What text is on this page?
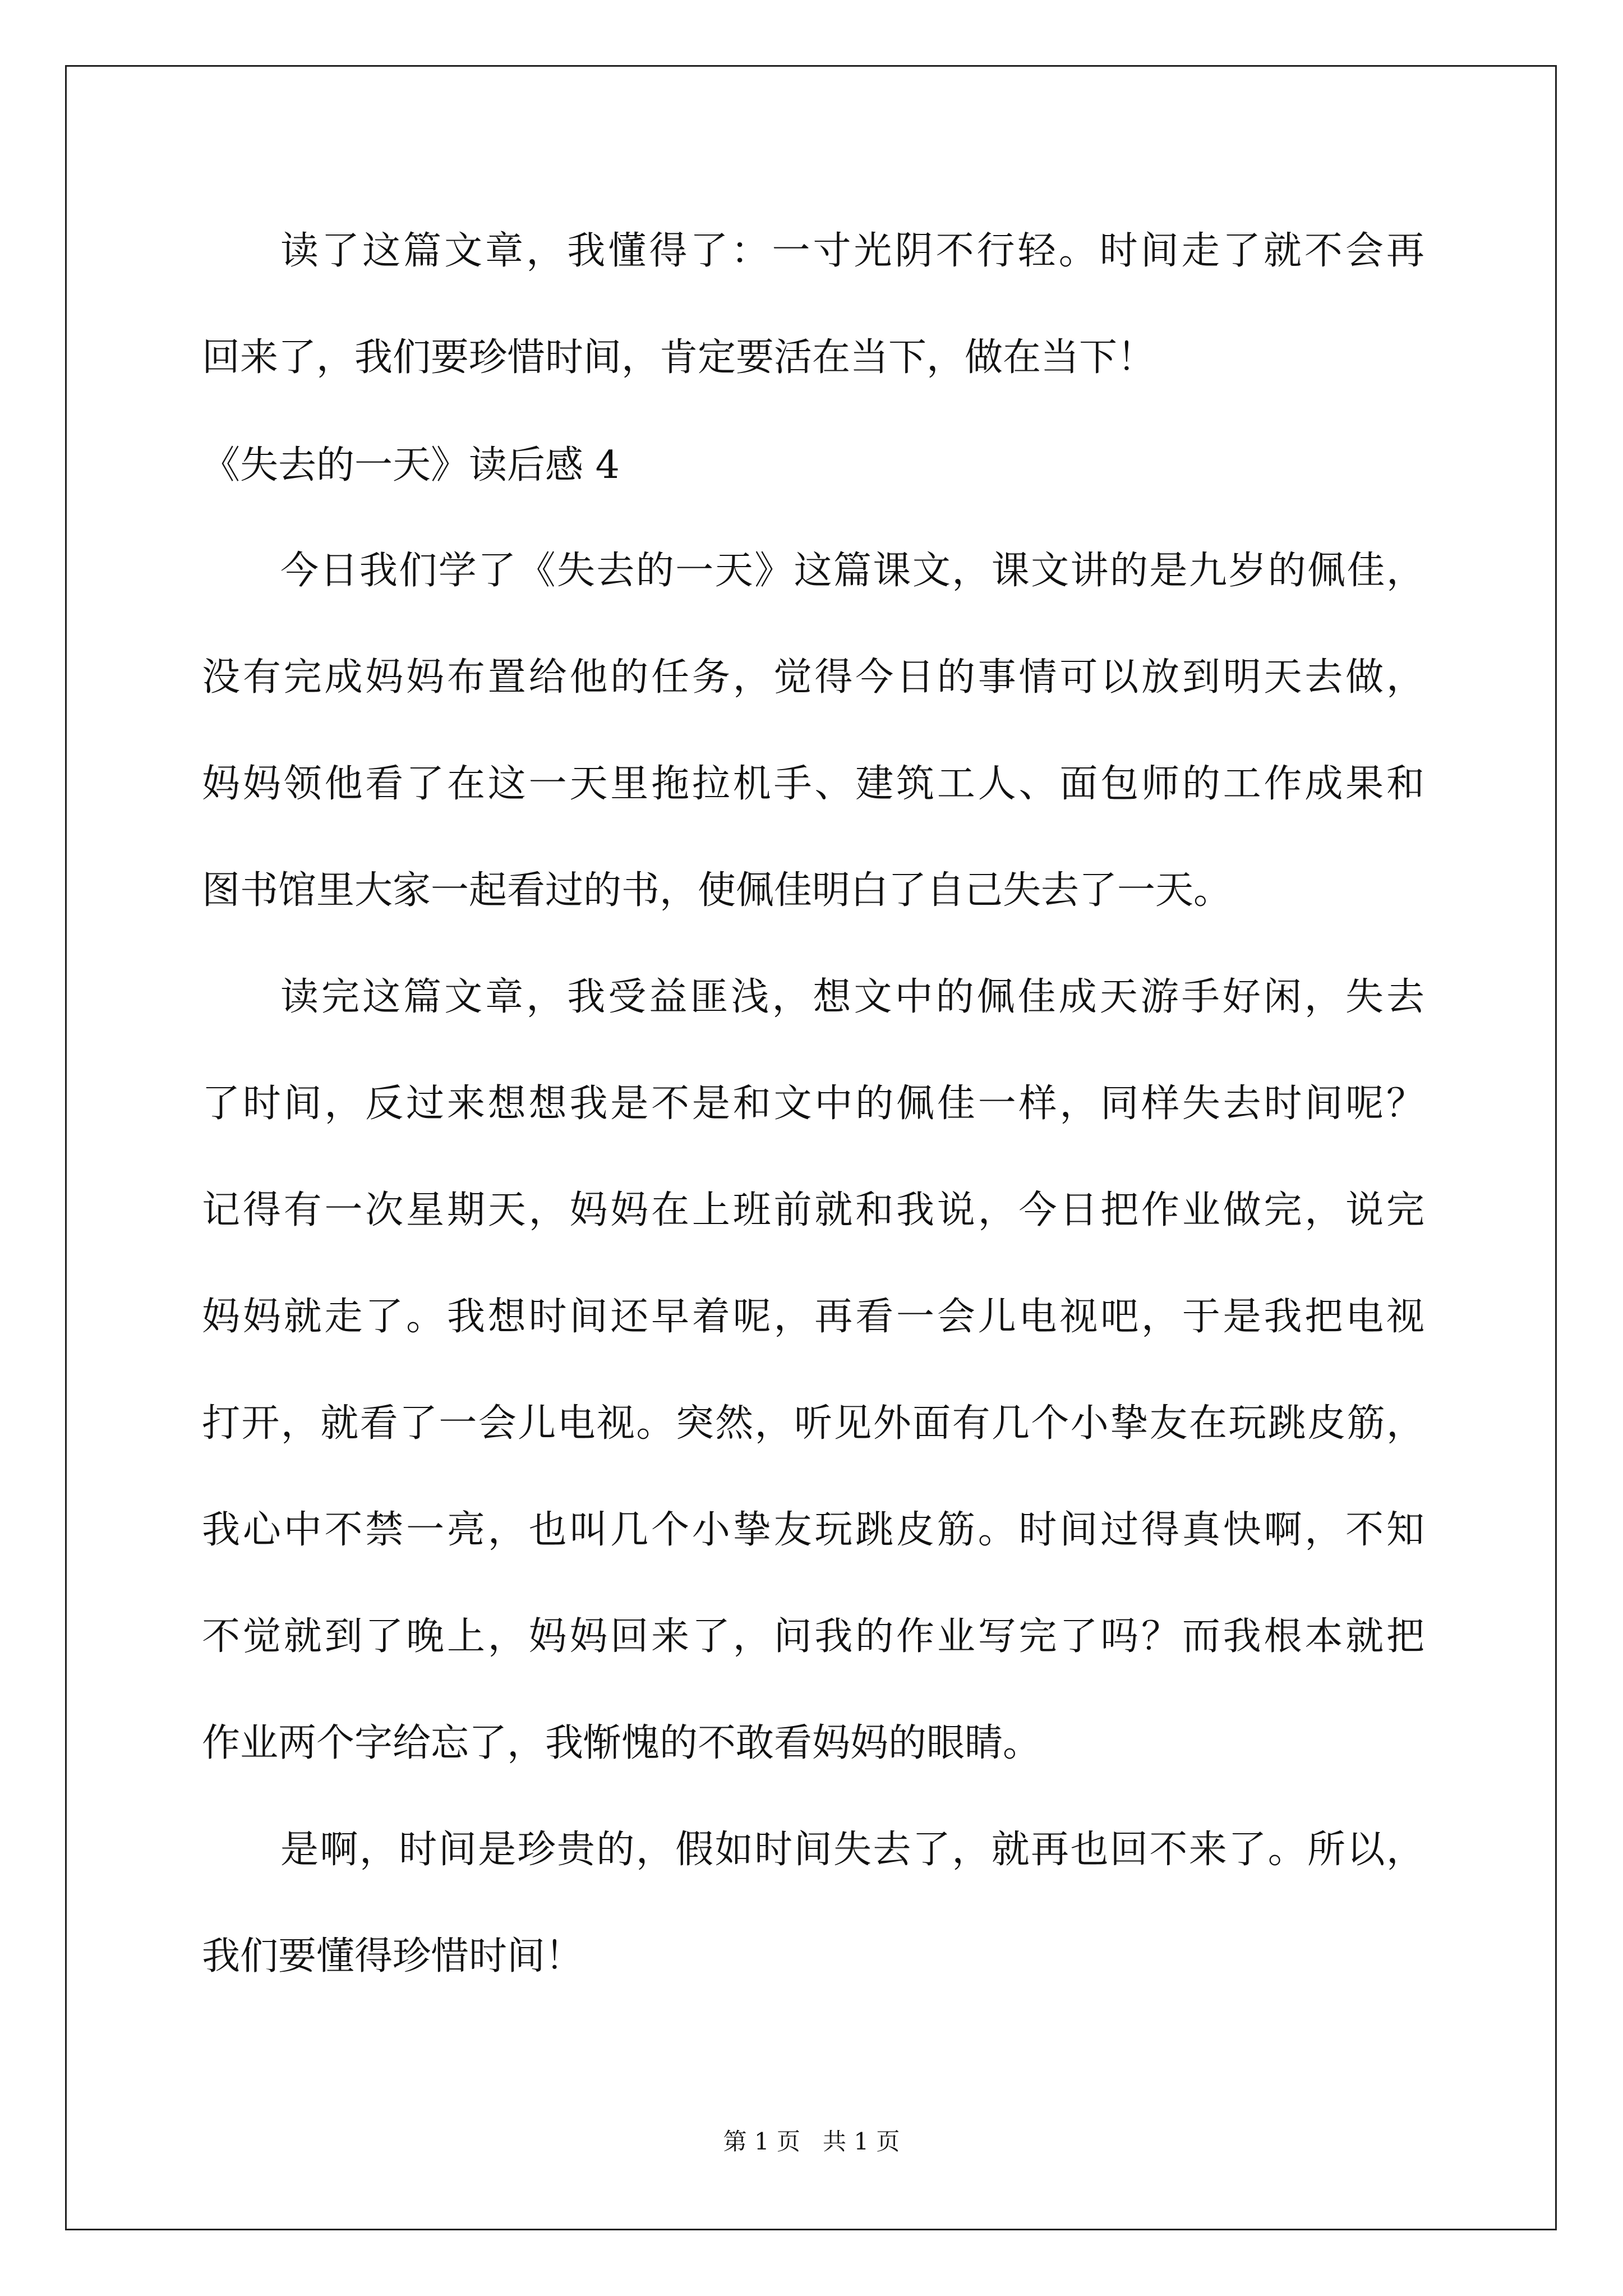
读了这篇文章，我懂得了：一寸光阴不行轻。时间走了就不会再
回来了，我们要珍惜时间，肯定要活在当下，做在当下！
《失去的一天》读后感 4
今日我们学了《失去的一天》这篇课文，课文讲的是九岁的佩佳，
没有完成妈妈布置给他的任务，觉得今日的事情可以放到明天去做，
妈妈领他看了在这一天里拖拉机手、建筑工人、面包师的工作成果和
图书馆里大家一起看过的书，使佩佳明白了自己失去了一天。
读完这篇文章，我受益匪浅，想文中的佩佳成天游手好闲，失去
了时间，反过来想想我是不是和文中的佩佳一样，同样失去时间呢？
记得有一次星期天，妈妈在上班前就和我说，今日把作业做完，说完
妈妈就走了。我想时间还早着呢，再看一会儿电视吧，于是我把电视
打开，就看了一会儿电视。突然，听见外面有几个小挚友在玩跳皮筋，
我心中不禁一亮，也叫几个小挚友玩跳皮筋。时间过得真快啊，不知
不觉就到了晚上，妈妈回来了，问我的作业写完了吗？而我根本就把
作业两个字给忘了，我惭愧的不敢看妈妈的眼睛。
是啊，时间是珍贵的，假如时间失去了，就再也回不来了。所以，
我们要懂得珍惜时间！
第 1 页 共 1 页
